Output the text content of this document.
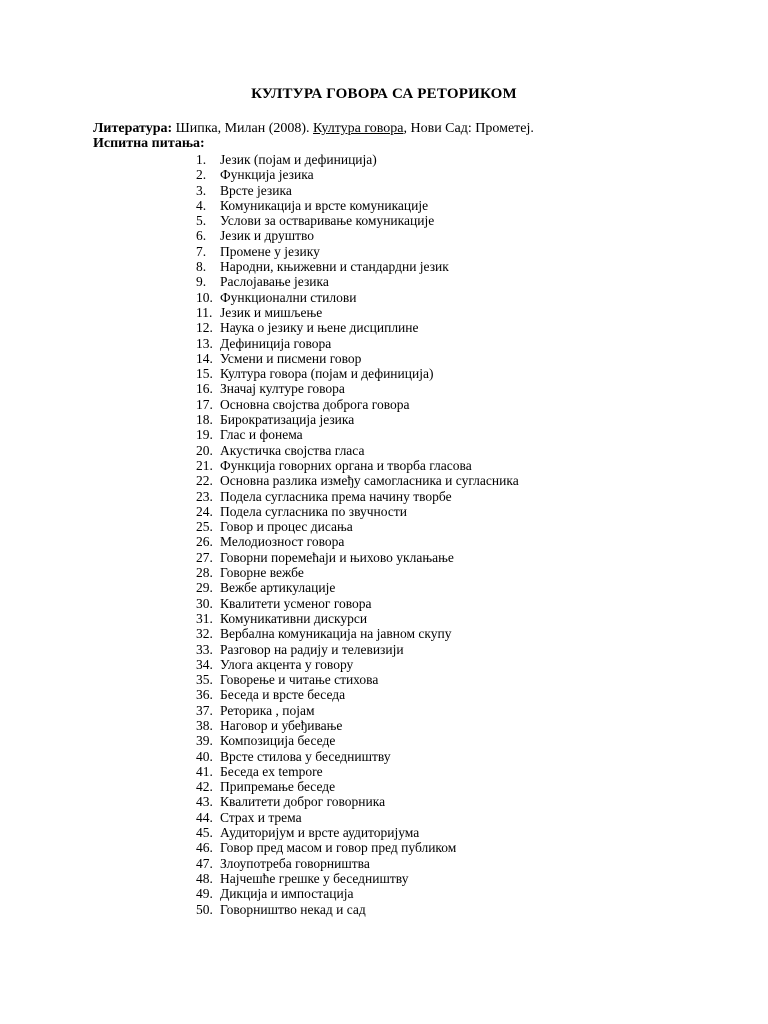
КУЛТУРА ГОВОРА СА РЕТОРИКОМ
Литература: Шипка, Милан (2008). Култура говора, Нови Сад: Прометеј.
Испитна питања:
1. Језик (појам и дефиниција)
2. Функција језика
3. Врсте језика
4. Комуникација и врсте комуникације
5. Услови за остваривање комуникације
6. Језик и друштво
7. Промене у језику
8. Народни, књижевни и стандардни језик
9. Раслојавање језика
10. Функционални стилови
11. Језик и мишљење
12. Наука о језику и њене дисциплине
13. Дефиниција говора
14. Усмени и писмени говор
15. Култура говора (појам и дефиниција)
16. Значај културе говора
17. Основна својства доброга говора
18. Бирократизација језика
19. Глас и фонема
20. Акустичка својства гласа
21. Функција говорних органа и творба гласова
22. Основна разлика између самогласника и сугласника
23. Подела сугласника према начину творбе
24. Подела сугласника по звучности
25. Говор и процес дисања
26. Мелодиозност говора
27. Говорни поремећаји и њихово уклањање
28. Говорне вежбе
29. Вежбе артикулације
30. Квалитети усменог говора
31. Комуникативни дискурси
32. Вербална комуникација на јавном скупу
33. Разговор на радију и телевизији
34. Улога акцента у говору
35. Говорење и читање стихова
36. Беседа и врсте беседа
37. Реторика , појам
38. Наговор и убеђивање
39. Композиција беседе
40. Врсте стилова у беседништву
41. Беседа ex tempore
42. Припремање беседе
43. Квалитети доброг говорника
44. Страх и трема
45. Аудиторијум и врсте аудиторијума
46. Говор пред масом и говор пред публиком
47. Злоупотреба говорништва
48. Најчешће грешке у беседништву
49. Дикција и импостација
50. Говорништво некад и сад
